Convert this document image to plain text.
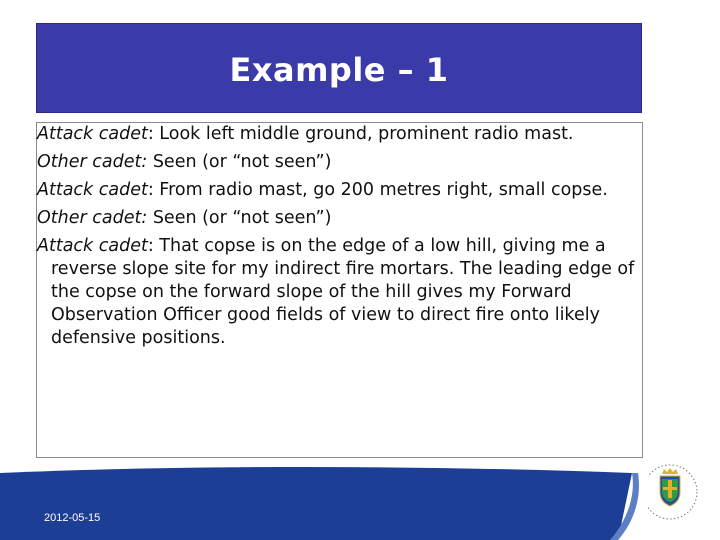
Example – 1

Attack cadet: Look left middle ground, prominent radio mast.

Other cadet: Seen (or “not seen”)

Attack cadet: From radio mast, go 200 metres right, small copse.

Other cadet: Seen (or “not seen”)

Attack cadet: That copse is on the edge of a low hill, giving me a reverse slope site for my indirect fire mortars. The leading edge of the copse on the forward slope of the hill gives my Forward Observation Officer good fields of view to direct fire onto likely defensive positions.

2012-05-15
